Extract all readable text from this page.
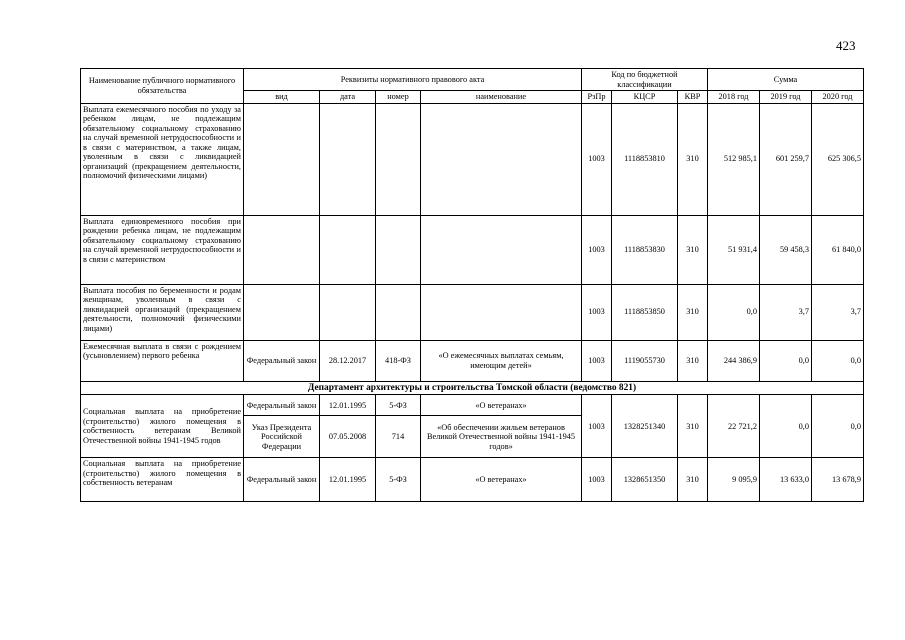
423
Наименование публичного нормативного обязательства	Реквизиты нормативного правового акта				Код по бюджетной классификации			Сумма		
	вид	дата	номер	наименование	РзПр	КЦСР	КВР	2018 год	2019 год	2020 год
Выплата ежемесячного пособия по уходу за ребенком лицам, не подлежащим обязательному социальному страхованию на случай временной нетрудоспособности и в связи с материнством, а также лицам, уволенным в связи с ликвидацией организаций (прекращением деятельности, полномочий физическими лицами)					1003	1118853810	310	512 985,1	601 259,7	625 306,5
Выплата единовременного пособия при рождении ребенка лицам, не подлежащим обязательному социальному страхованию на случай временной нетрудоспособности и в связи с материнством					1003	1118853830	310	51 931,4	59 458,3	61 840,0
Выплата пособия по беременности и родам женщинам, уволенным в связи с ликвидацией организаций (прекращением деятельности, полномочий физическими лицами)					1003	1118853850	310	0,0	3,7	3,7
Ежемесячная выплата в связи с рождением (усыновлением) первого ребенка	Федеральный закон	28.12.2017	418-ФЗ	«О ежемесячных выплатах семьям, имеющим детей»	1003	1119055730	310	244 386,9	0,0	0,0
Департамент архитектуры и строительства Томской области (ведомство 821)										
Социальная выплата на приобретение (строительство) жилого помещения в собственность ветеранам Великой Отечественной войны 1941-1945 годов	Федеральный закон	12.01.1995	5-ФЗ	«О ветеранах»	1003	1328251340	310	22 721,2	0,0	0,0
	Указ Президента Российской Федерации	07.05.2008	714	«Об обеспечении жильем ветеранов Великой Отечественной войны 1941-1945 годов»						
Социальная выплата на приобретение (строительство) жилого помещения в собственность ветеранам	Федеральный закон	12.01.1995	5-ФЗ	«О ветеранах»	1003	1328651350	310	9 095,9	13 633,0	13 678,9
